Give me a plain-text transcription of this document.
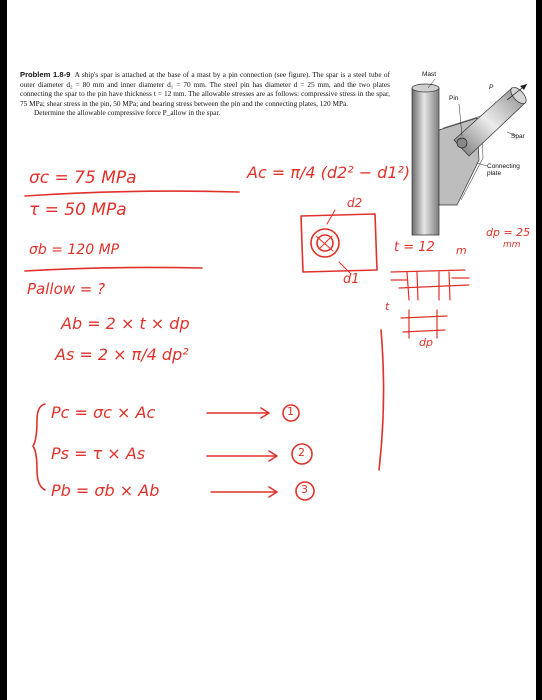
Problem 1.8-9 A ship's spar is attached at the base of a mast by a pin connection (see figure). The spar is a steel tube of outer diameter d₂ = 80 mm and inner diameter d₁ = 70 mm. The steel pin has diameter d = 25 mm, and the two plates connecting the spar to the pin have thickness t = 12 mm. The allowable stresses are as follows: compressive stress in the spar, 75 MPa; shear stress in the pin, 50 MPa; and bearing stress between the pin and the connecting plates, 120 MPa.
Determine the allowable compressive force P_allow in the spar.
Mast
Pin
P
Spar
Connecting
plate
σc = 75 MPa
τ = 50 MPa
σb = 120 MP
Ac = π/4 (d2² − d1²)
d2
d1
t = 12 m
dp = 25
mm
t
dp
Pallow = ?
Ab = 2 × t × dp
As = 2 × π/4 dp²
Pc = σc × Ac
Ps = τ × As
Pb = σb × Ab
1
2
3
